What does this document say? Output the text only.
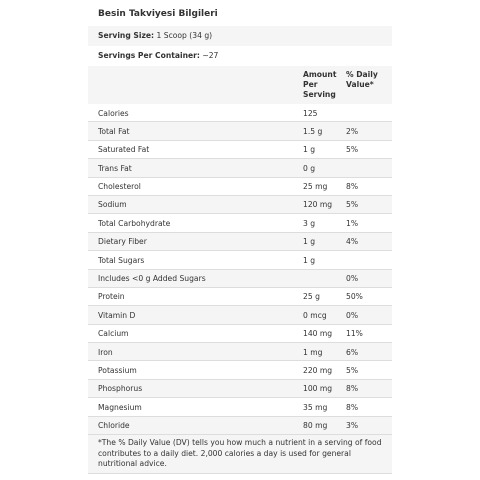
Besin Takviyesi Bilgileri
Serving Size: 1 Scoop (34 g)
Servings Per Container: ~27
Amount Per Serving
% Daily Value*
Calories	125
Total Fat	1.5 g	2%
Saturated Fat	1 g	5%
Trans Fat	0 g
Cholesterol	25 mg 8%
Sodium	120 mg 5%
Total Carbohydrate	3 g	1%
Dietary Fiber	1 g	4%
Total Sugars	1 g
Includes <0 g Added Sugars	0%
Protein	25 g	50%
Vitamin D	0 mcg	0%
Calcium	140 mg 11%
Iron	1 mg	6%
Potassium	220 mg 5%
Phosphorus	100 mg 8%
Magnesium	35 mg 8%
Chloride	80 mg 3%
*The % Daily Value (DV) tells you how much a nutrient in a serving of food contributes to a daily diet. 2,000 calories a day is used for general nutritional advice.
